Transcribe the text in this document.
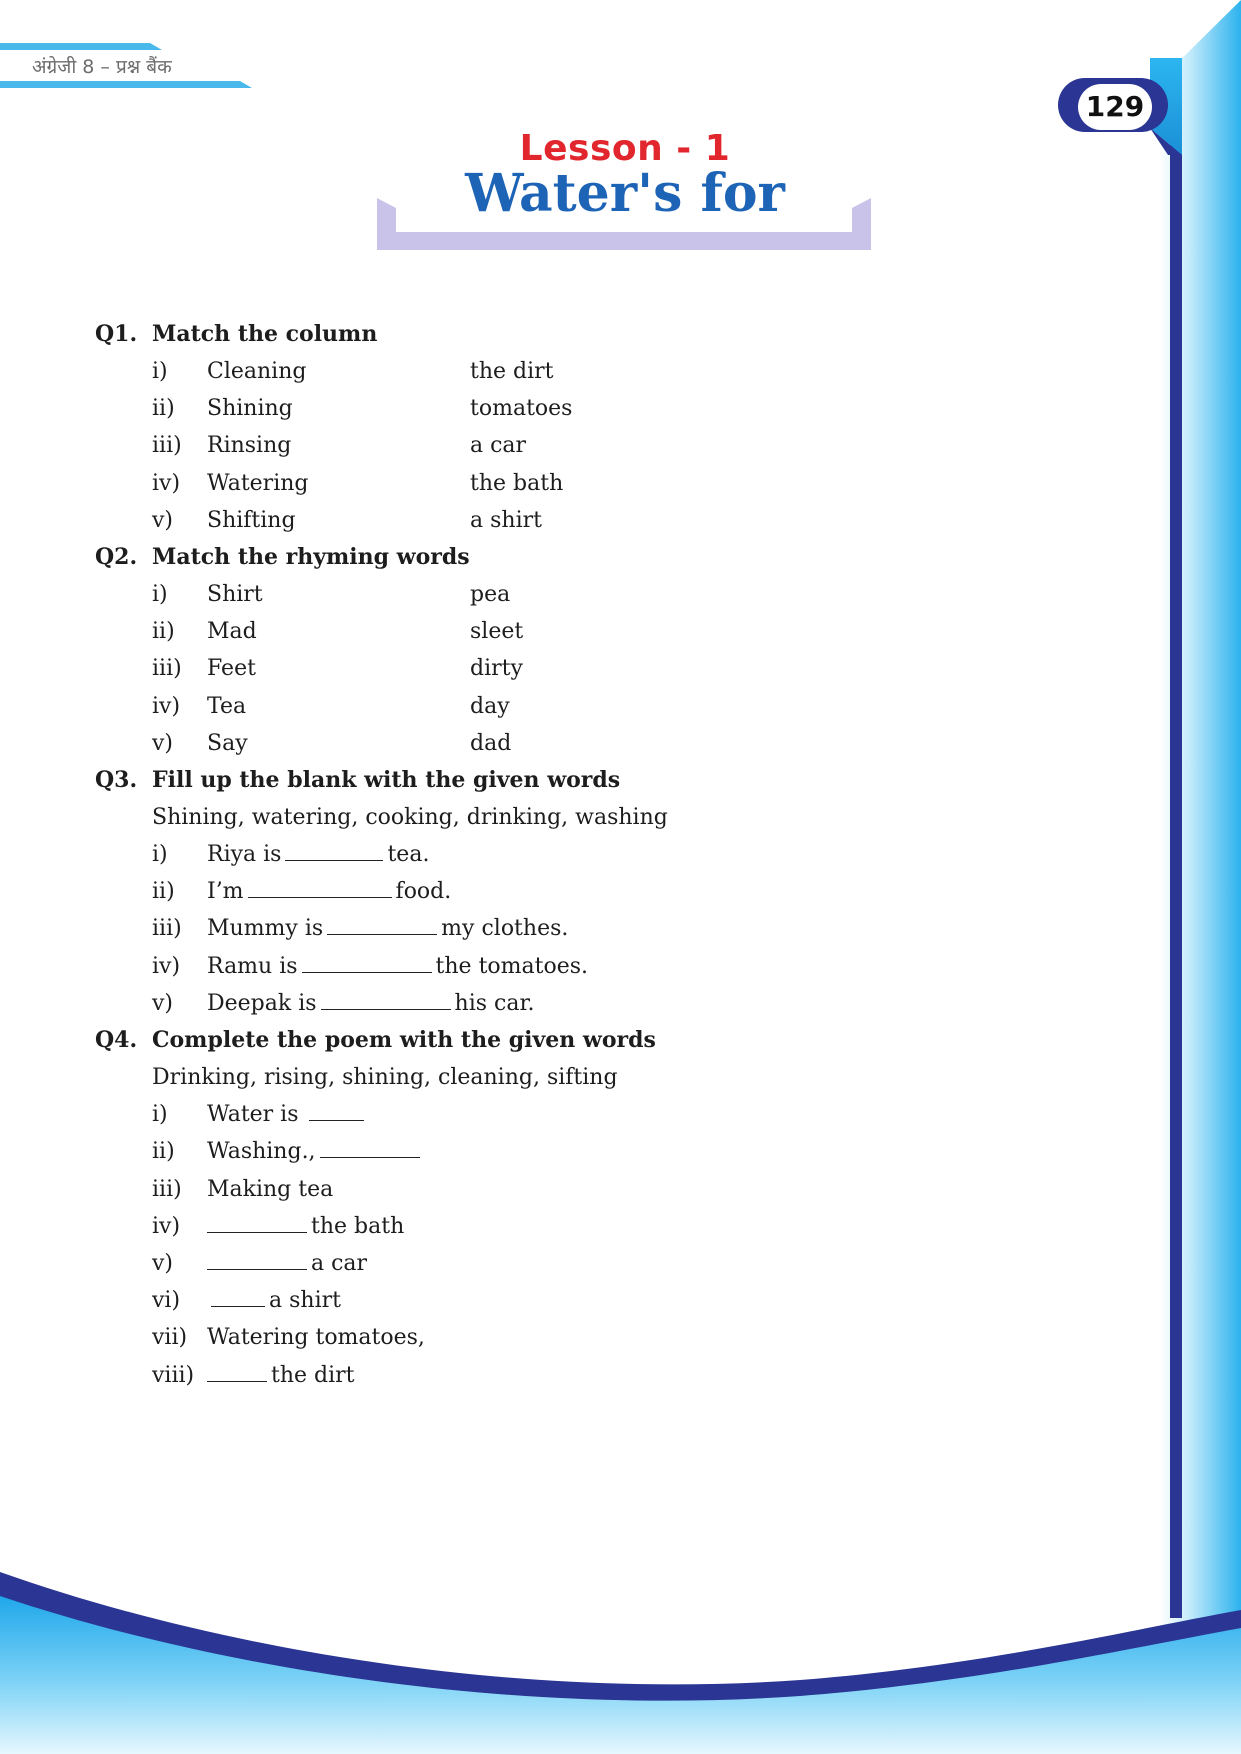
अंग्रेजी 8 – प्रश्न बैंक
129
Lesson - 1
Water's for
Q1. Match the column
i) Cleaning	the dirt
ii) Shining	tomatoes
iii) Rinsing	a car
iv) Watering	the bath
v) Shifting	a shirt
Q2. Match the rhyming words
i) Shirt	pea
ii) Mad	sleet
iii) Feet	dirty
iv) Tea	day
v) Say	dad
Q3. Fill up the blank with the given words
Shining, watering, cooking, drinking, washing
i) Riya is	tea.
ii) I’m	food.
iii) Mummy is	my clothes.
iv) Ramu is	the tomatoes.
v) Deepak is	his car.
Q4. Complete the poem with the given words
Drinking, rising, shining, cleaning, sifting
i) Water is
ii) Washing.,
iii) Making tea
iv)	the bath
v)	a car
vi)	a shirt
vii) Watering tomatoes,
viii)	the dirt
